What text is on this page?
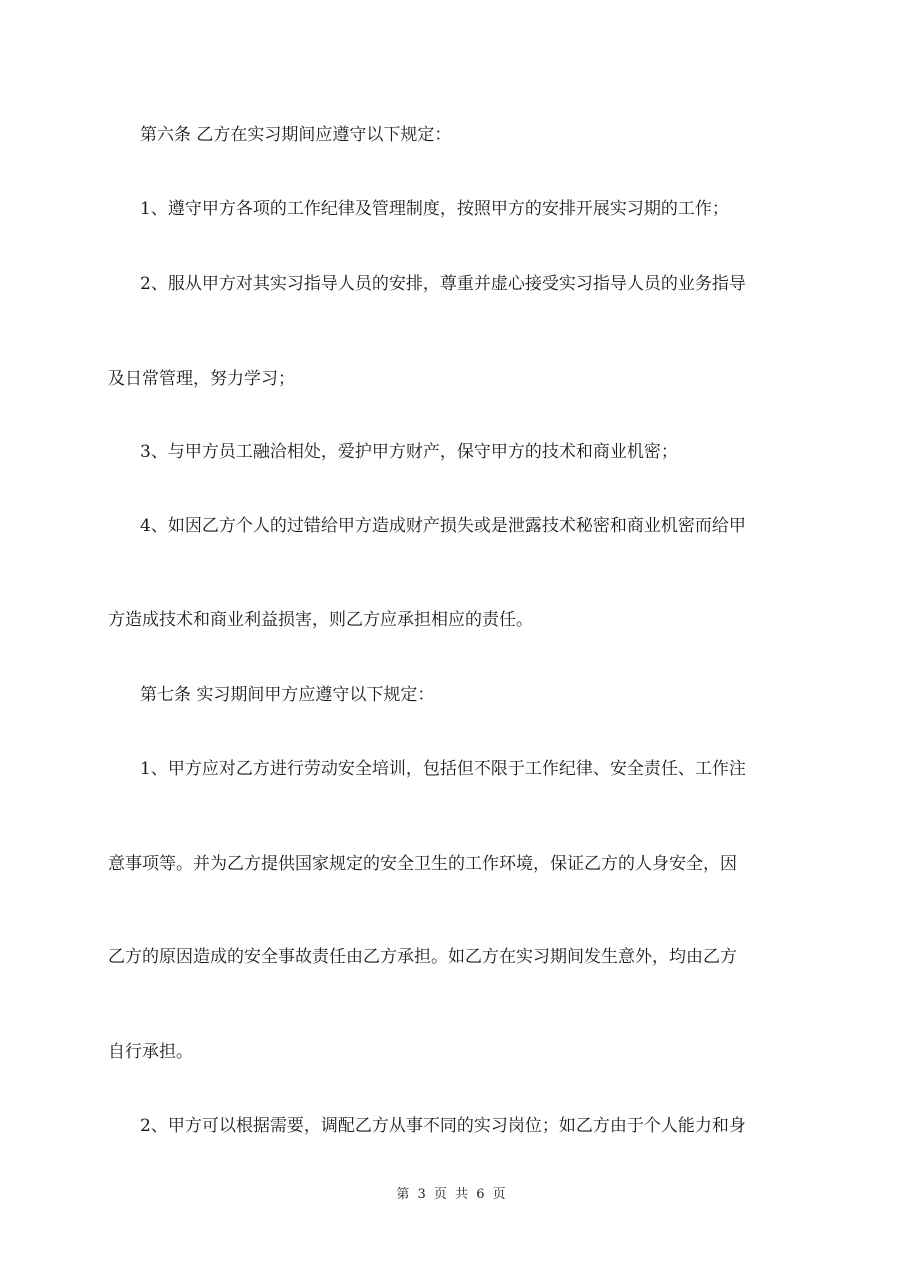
第六条 乙方在实习期间应遵守以下规定：
1、遵守甲方各项的工作纪律及管理制度，按照甲方的安排开展实习期的工作；
2、服从甲方对其实习指导人员的安排，尊重并虚心接受实习指导人员的业务指导
及日常管理，努力学习；
3、与甲方员工融洽相处，爱护甲方财产，保守甲方的技术和商业机密；
4、如因乙方个人的过错给甲方造成财产损失或是泄露技术秘密和商业机密而给甲
方造成技术和商业利益损害，则乙方应承担相应的责任。
第七条 实习期间甲方应遵守以下规定：
1、甲方应对乙方进行劳动安全培训，包括但不限于工作纪律、安全责任、工作注
意事项等。并为乙方提供国家规定的安全卫生的工作环境，保证乙方的人身安全，因
乙方的原因造成的安全事故责任由乙方承担。如乙方在实习期间发生意外，均由乙方
自行承担。
2、甲方可以根据需要，调配乙方从事不同的实习岗位；如乙方由于个人能力和身
第 3 页 共 6 页
